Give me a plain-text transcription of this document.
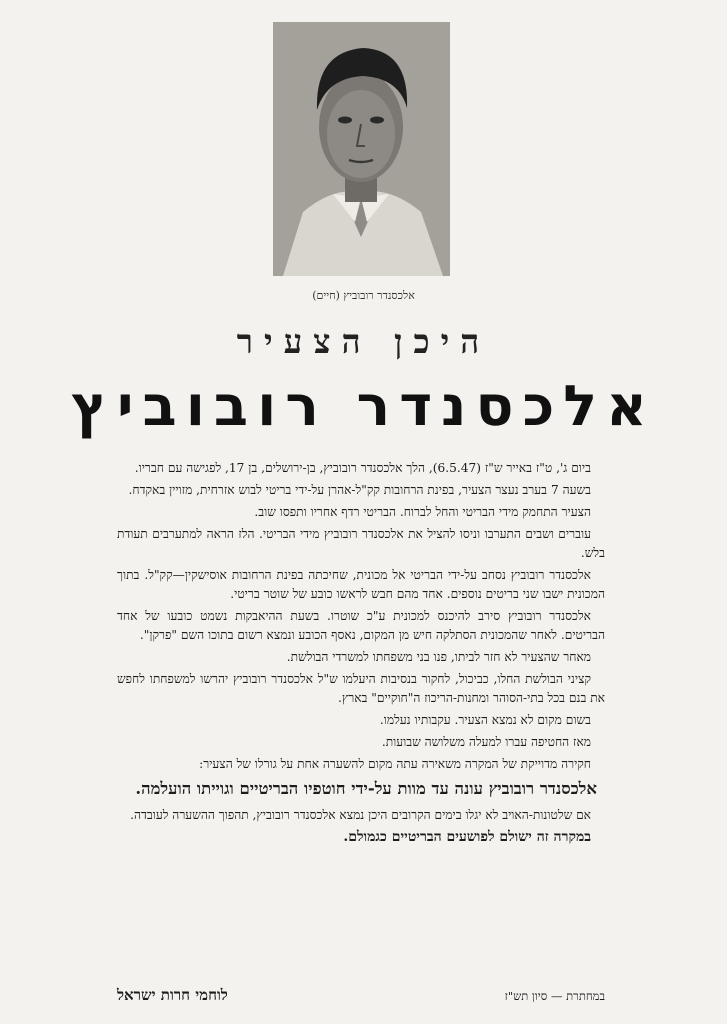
אלכסנדר רובוביץ (חיים)
היכן הצעיר
אלכסנדר רובוביץ

ביום ג', ט"ז באייר ש"ז (6.5.47), הלך אלכסנדר רובוביץ, בן-ירושלים, בן 17, לפגישה עם חבריו.

בשעה 7 בערב נעצר הצעיר, בפינת הרחובות קק"ל-אהרן על-ידי בריטי לבוש אזרחית, מזויין באקדח.

הצעיר התחמק מידי הבריטי והחל לברוח. הבריטי רדף אחריו ותפסו שוב.

עוברים ושבים התערבו וניסו להציל את אלכסנדר רובוביץ מידי הבריטי. הלז הראה למתערבים תעודת בלש.

אלכסנדר רובוביץ נסחב על-ידי הבריטי אל מכונית, שחיכתה בפינת הרחובות אוסישקין—קק"ל. בתוך המכונית ישבו שני בריטים נוספים. אחד מהם חבש לראשו כובע של שוטר בריטי.

אלכסנדר רובוביץ סירב להיכנס למכונית ע"כ שוטרו. בשעת ההיאבקות נשמט כובעו של אחד הבריטים. לאחר שהמכונית הסתלקה חיש מן המקום, נאסף הכובע ונמצא רשום בתוכו השם "פרקן".

מאחר שהצעיר לא חזר לביתו, פנו בני משפחתו למשרדי הבולשת.

קציני הבולשת החלו, כביכול, לחקור בנסיבות היעלמו ש"ל אלכסנדר רובוביץ יהרשו למשפחתו לחפש את בנם בכל בתי-הסוהר ומחנות-הריכוז ה"חוקיים" בארץ.

בשום מקום לא נמצא הצעיר. עקבותיו נעלמו.

מאז החטיפה עברו למעלה משלושה שבועות.

חקירה מדוייקת של המקרה משאירה עתה מקום להשערה אחת על גורלו של הצעיר:

אלכסנדר רובוביץ עונה עד מוות על-ידי חוטפיו הבריטיים וגוייתו הועלמה.

אם שלטונות-האויב לא יגלו בימים הקרובים היכן נמצא אלכסנדר רובוביץ, תהפוך ההשערה לעובדה.

במקרה זה ישולם לפושעים הבריטיים כגמולם.

במחתרת — סיון תש"ז
לוחמי חרות ישראל
